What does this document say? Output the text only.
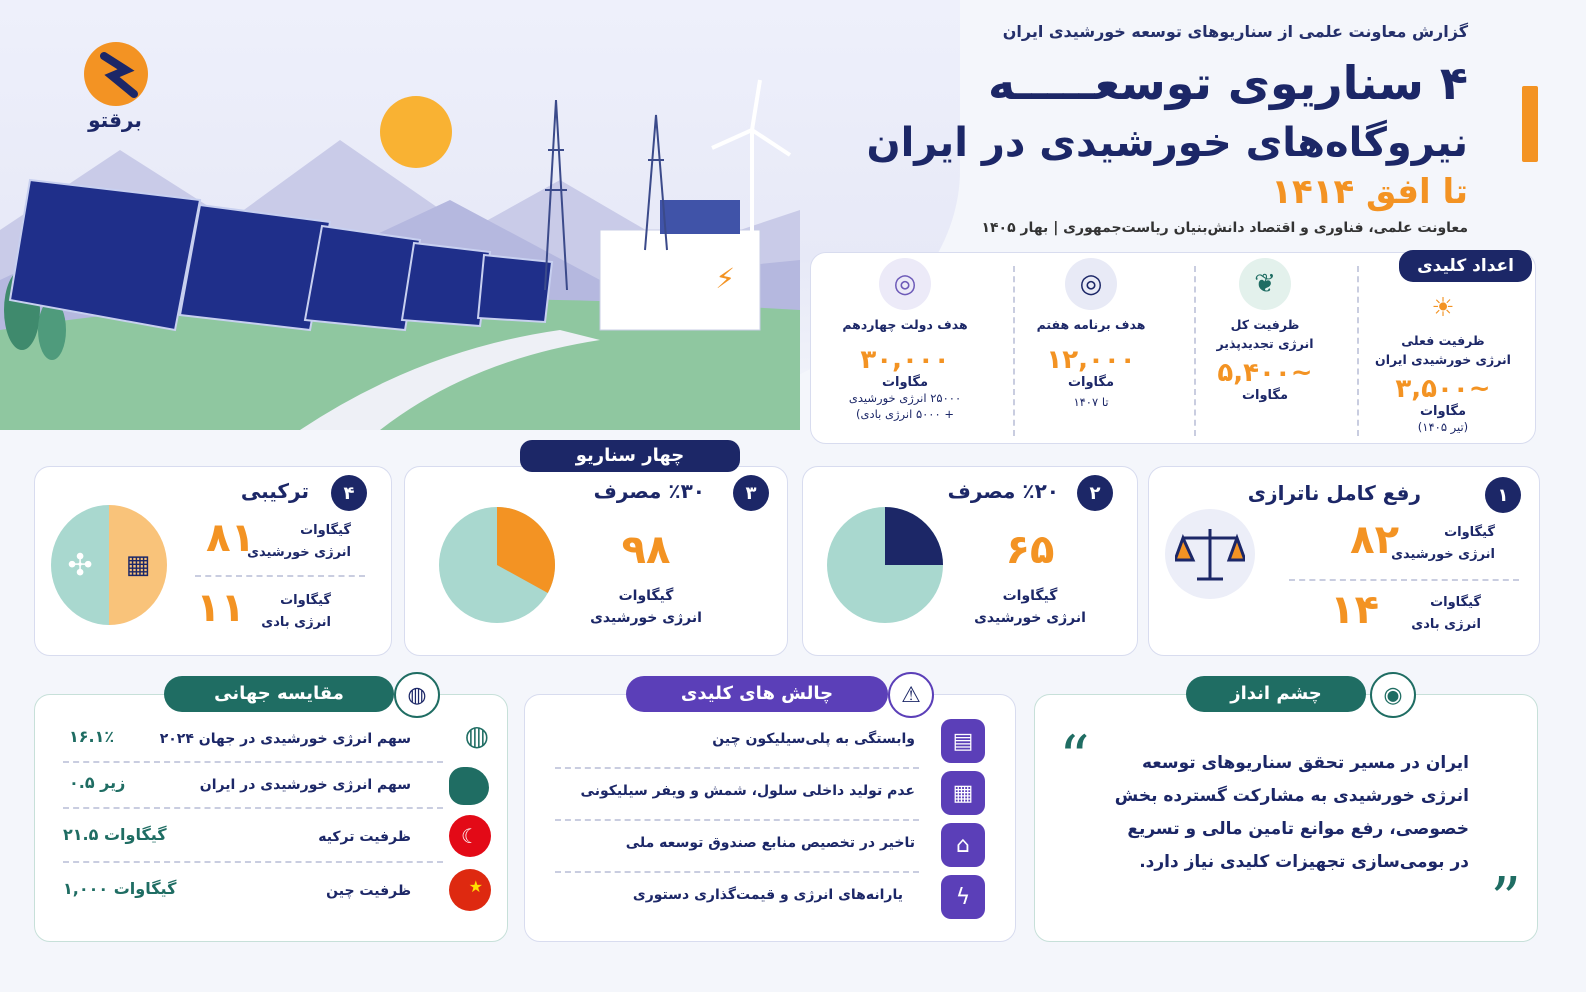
⚡
برقتو
گزارش معاونت علمی از سناریوهای توسعه خورشیدی ایران
۴ سناریوی توسعـــــه
نیروگاه‌های خورشیدی در ایران
تا افق ۱۴۱۴
معاونت علمی، فناوری و اقتصاد دانش‌بنیان ریاست‌جمهوری | بهار ۱۴۰۵
اعداد کلیدی
☀
ظرفیت فعلی
انرژی خورشیدی ایران
~۳,۵۰۰
مگاوات
(تیر ۱۴۰۵)
❦
ظرفیت کل
انرژی تجدیدپذیر
~۵,۴۰۰
مگاوات
◎
هدف برنامه هفتم
۱۲,۰۰۰
مگاوات
تا ۱۴۰۷
◎
هدف دولت چهاردهم
۳۰,۰۰۰
مگاوات
۲۵۰۰۰ انرژی خورشیدی
+ ۵۰۰۰ انرژی بادی)
چهار سناریو
۱
رفع کامل ناترازی
گیگاوات
انرژی خورشیدی
۸۲
گیگاوات
انرژی بادی
۱۴
۲
٪۲۰ مصرف
۶۵
گیگاوات
انرژی خورشیدی
۳
٪۳۰ مصرف
۹۸
گیگاوات
انرژی خورشیدی
۴
ترکیبی
▦
✣
گیگاوات
انرژی خورشیدی
۸۱
گیگاوات
انرژی بادی
۱۱
“	ایران در مسیر تحقق سناریوهای توسعه انرژی خورشیدی به مشارکت گسترده بخش خصوصی، رفع موانع تامین مالی و تسریع در بومی‌سازی تجهیزات کلیدی نیاز دارد.
”
چشم انداز	◉
▤
وابستگی به پلی‌سیلیکون چین
▦
عدم تولید داخلی سلول، شمش و ویفر سیلیکونی
⌂
تاخیر در تخصیص منابع صندوق توسعه ملی
ϟ
یارانه‌های انرژی و قیمت‌گذاری دستوری
چالش های کلیدی	⚠
◍
سهم انرژی خورشیدی در جهان ۲۰۲۴
۱۶.۱٪
سهم انرژی خورشیدی در ایران
زیر ۰.۵
☾
ظرفیت ترکیه
۲۱.۵ گیگاوات
★
ظرفیت چین
۱,۰۰۰ گیگاوات
مقایسه جهانی	◍
